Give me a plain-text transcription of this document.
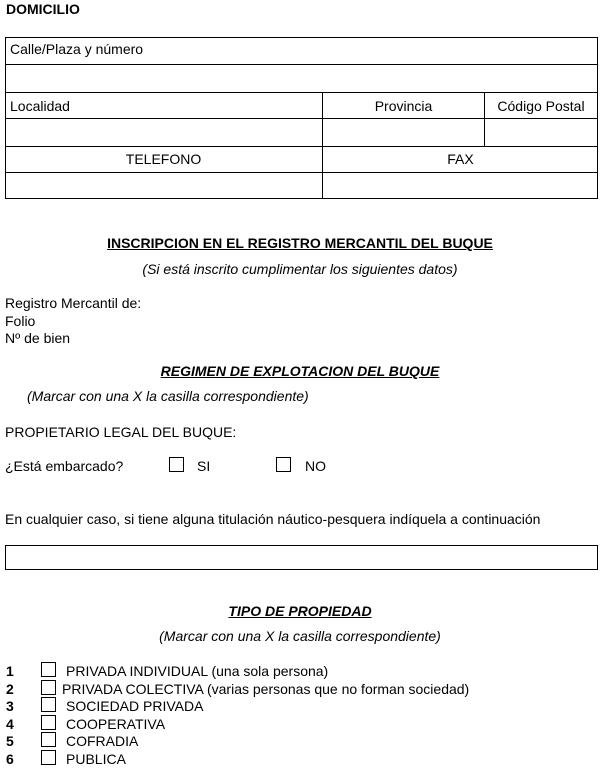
DOMICILIO
Calle/Plaza y número
Localidad	Provincia	Código Postal
TELEFONO	FAX
INSCRIPCION EN EL REGISTRO MERCANTIL DEL BUQUE
(Si está inscrito cumplimentar los siguientes datos)
Registro Mercantil de:
Folio
Nº de bien
REGIMEN DE EXPLOTACION DEL BUQUE
(Marcar con una X la casilla correspondiente)
PROPIETARIO LEGAL DEL BUQUE:
¿Está embarcado?	SI	NO
En cualquier caso, si tiene alguna titulación náutico-pesquera indíquela a continuación
TIPO DE PROPIEDAD
(Marcar con una X la casilla correspondiente)
1	PRIVADA INDIVIDUAL (una sola persona)
2	PRIVADA COLECTIVA (varias personas que no forman sociedad)
3	SOCIEDAD PRIVADA
4	COOPERATIVA
5	COFRADIA
6	PUBLICA
